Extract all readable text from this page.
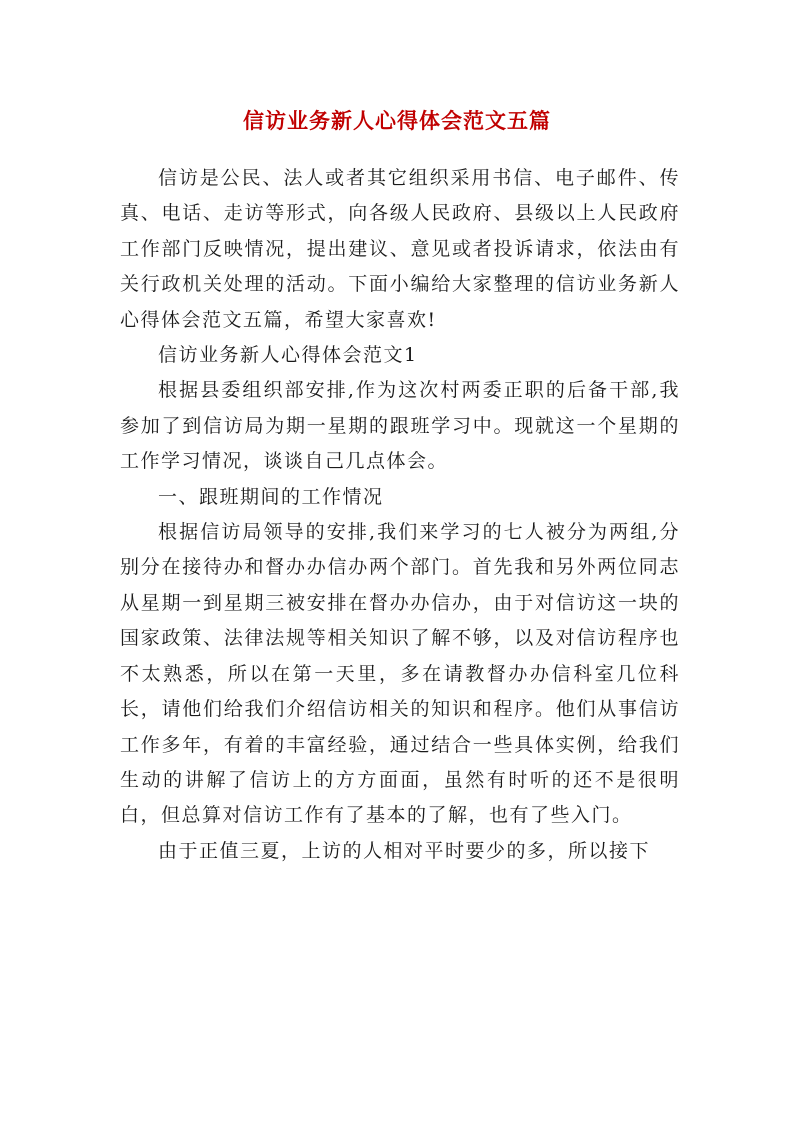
信访业务新人心得体会范文五篇

信访是公民、法人或者其它组织采用书信、电子邮件、传真、电话、走访等形式，向各级人民政府、县级以上人民政府工作部门反映情况，提出建议、意见或者投诉请求，依法由有关行政机关处理的活动。下面小编给大家整理的信访业务新人心得体会范文五篇，希望大家喜欢!

信访业务新人心得体会范文1

根据县委组织部安排,作为这次村两委正职的后备干部,我参加了到信访局为期一星期的跟班学习中。现就这一个星期的工作学习情况，谈谈自己几点体会。

一、跟班期间的工作情况

根据信访局领导的安排,我们来学习的七人被分为两组,分别分在接待办和督办办信办两个部门。首先我和另外两位同志从星期一到星期三被安排在督办办信办，由于对信访这一块的国家政策、法律法规等相关知识了解不够，以及对信访程序也不太熟悉，所以在第一天里，多在请教督办办信科室几位科长，请他们给我们介绍信访相关的知识和程序。他们从事信访工作多年，有着的丰富经验，通过结合一些具体实例，给我们生动的讲解了信访上的方方面面，虽然有时听的还不是很明白，但总算对信访工作有了基本的了解，也有了些入门。

由于正值三夏，上访的人相对平时要少的多，所以接下
